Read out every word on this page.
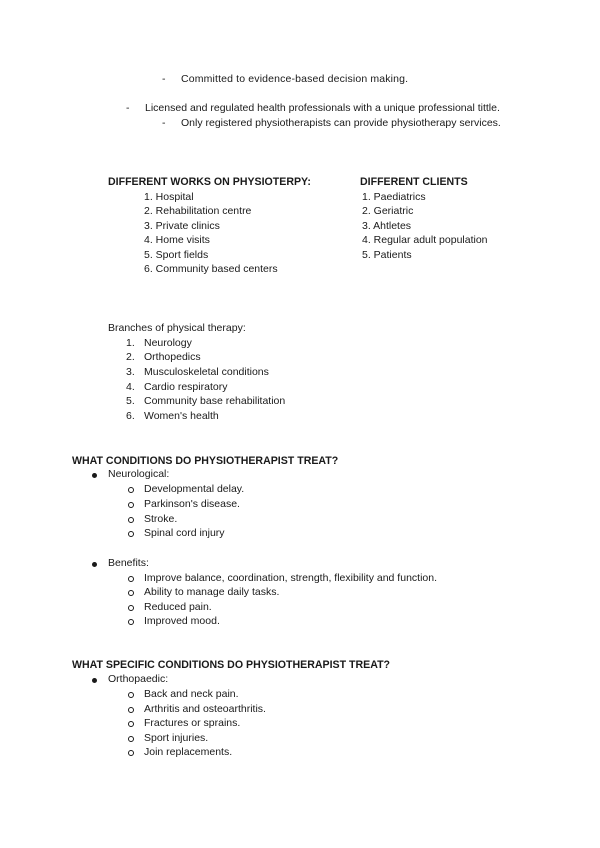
- Committed to evidence-based decision making.
- Licensed and regulated health professionals with a unique professional tittle.
- Only registered physiotherapists can provide physiotherapy services.
DIFFERENT WORKS ON PHYSIOTERPY:
1. Hospital
2. Rehabilitation centre
3. Private clinics
4. Home visits
5. Sport fields
6. Community based centers
DIFFERENT CLIENTS
1. Paediatrics
2. Geriatric
3. Ahtletes
4. Regular adult population
5. Patients
Branches of physical therapy:
1. Neurology
2. Orthopedics
3. Musculoskeletal conditions
4. Cardio respiratory
5. Community base rehabilitation
6. Women's health
WHAT CONDITIONS DO PHYSIOTHERAPIST TREAT?
Neurological:
Developmental delay.
Parkinson's disease.
Stroke.
Spinal cord injury
Benefits:
Improve balance, coordination, strength, flexibility and function.
Ability to manage daily tasks.
Reduced pain.
Improved mood.
WHAT SPECIFIC CONDITIONS DO PHYSIOTHERAPIST TREAT?
Orthopaedic:
Back and neck pain.
Arthritis and osteoarthritis.
Fractures or sprains.
Sport injuries.
Join replacements.
